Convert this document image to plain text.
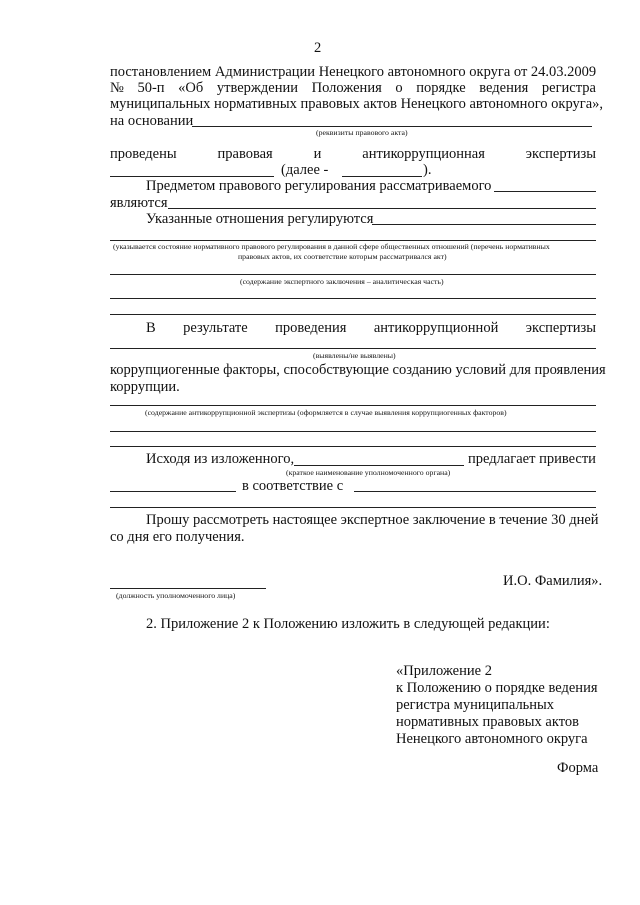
2
постановлением Администрации Ненецкого автономного округа от 24.03.2009
№ 50-п «Об утверждении Положения о порядке ведения регистра
муниципальных нормативных правовых актов Ненецкого автономного округа»,
на основании
(реквизиты правового акта)
проведены	правовая	и	антикоррупционная	экспертизы
(далее -	).
Предметом правового регулирования рассматриваемого
являются
Указанные отношения регулируются
(указывается состояние нормативного правового регулирования в данной сфере общественных отношений (перечень нормативных
правовых актов, их соответствие которым рассматривался акт)
(содержание экспертного заключения – аналитическая часть)
В результате проведения антикоррупционной экспертизы
(выявлены/не выявлены)
коррупциогенные факторы, способствующие созданию условий для проявления
коррупции.
(содержание антикоррупционной экспертизы (оформляется в случае выявления коррупциогенных факторов)
Исходя из изложенного,	предлагает привести
(краткое наименование уполномоченного органа)
в соответствие с
Прошу рассмотреть настоящее экспертное заключение в течение 30 дней
со дня его получения.
(должность уполномоченного лица)
И.О. Фамилия».
2. Приложение 2 к Положению изложить в следующей редакции:
«Приложение 2
к Положению о порядке ведения
регистра муниципальных
нормативных правовых актов
Ненецкого автономного округа
Форма
